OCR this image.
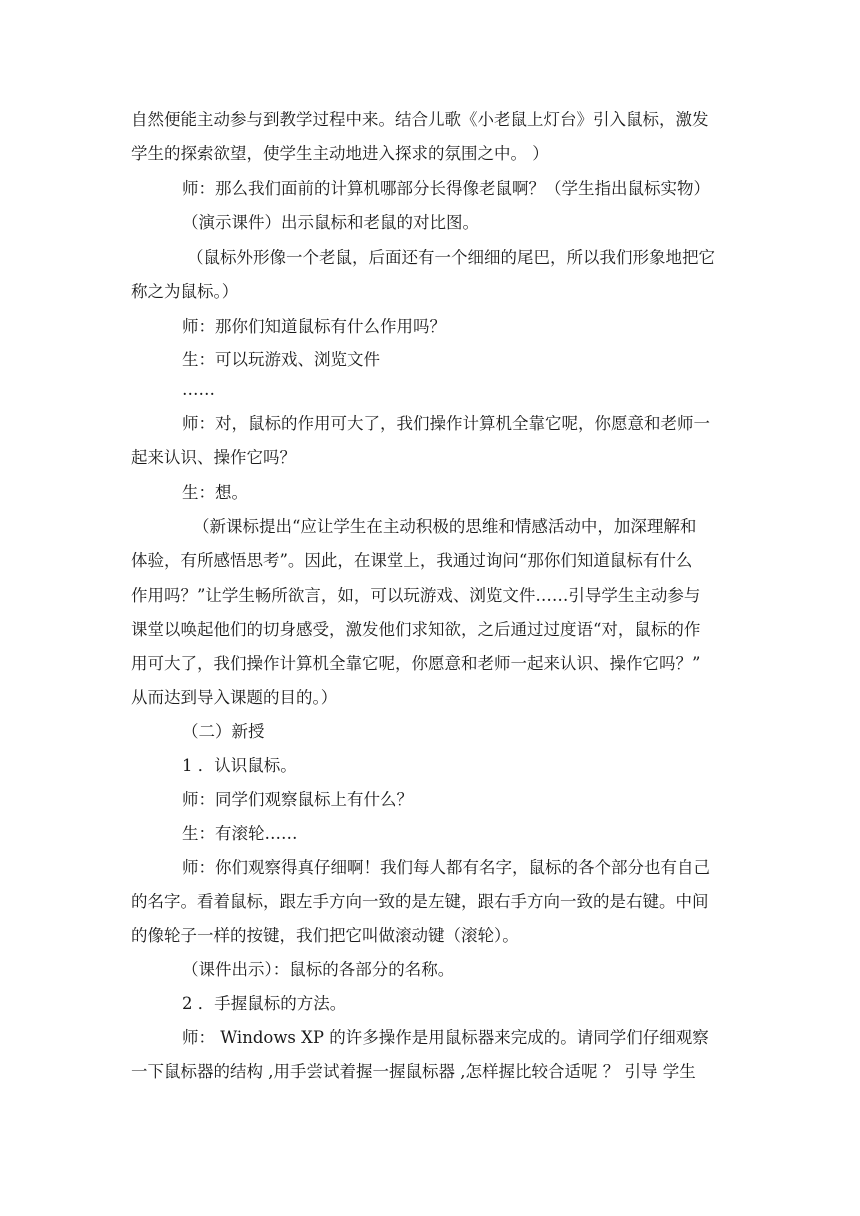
自然便能主动参与到教学过程中来。结合儿歌《小老鼠上灯台》引入鼠标，激发
学生的探索欲望，使学生主动地进入探求的氛围之中。 ）
师：那么我们面前的计算机哪部分长得像老鼠啊？（学生指出鼠标实物）
（演示课件）出示鼠标和老鼠的对比图。
（鼠标外形像一个老鼠，后面还有一个细细的尾巴，所以我们形象地把它
称之为鼠标。）
师：那你们知道鼠标有什么作用吗？
生：可以玩游戏、浏览文件
……
师：对，鼠标的作用可大了，我们操作计算机全靠它呢，你愿意和老师一
起来认识、操作它吗？
生：想。
（新课标提出“应让学生在主动积极的思维和情感活动中，加深理解和
体验，有所感悟思考”。因此，在课堂上，我通过询问“那你们知道鼠标有什么
作用吗？”让学生畅所欲言，如，可以玩游戏、浏览文件……引导学生主动参与
课堂以唤起他们的切身感受，激发他们求知欲，之后通过过度语“对，鼠标的作
用可大了，我们操作计算机全靠它呢，你愿意和老师一起来认识、操作它吗？”
从而达到导入课题的目的。）
（二）新授
1 ．认识鼠标。
师：同学们观察鼠标上有什么？
生：有滚轮……
师：你们观察得真仔细啊！我们每人都有名字，鼠标的各个部分也有自己
的名字。看着鼠标，跟左手方向一致的是左键，跟右手方向一致的是右键。中间
的像轮子一样的按键，我们把它叫做滚动键（滚轮）。
（课件出示）：鼠标的各部分的名称。
2 ．手握鼠标的方法。
师： Windows XP 的许多操作是用鼠标器来完成的。请同学们仔细观察
一下鼠标器的结构 ,用手尝试着握一握鼠标器 ,怎样握比较合适呢 ？ 引导 学生
